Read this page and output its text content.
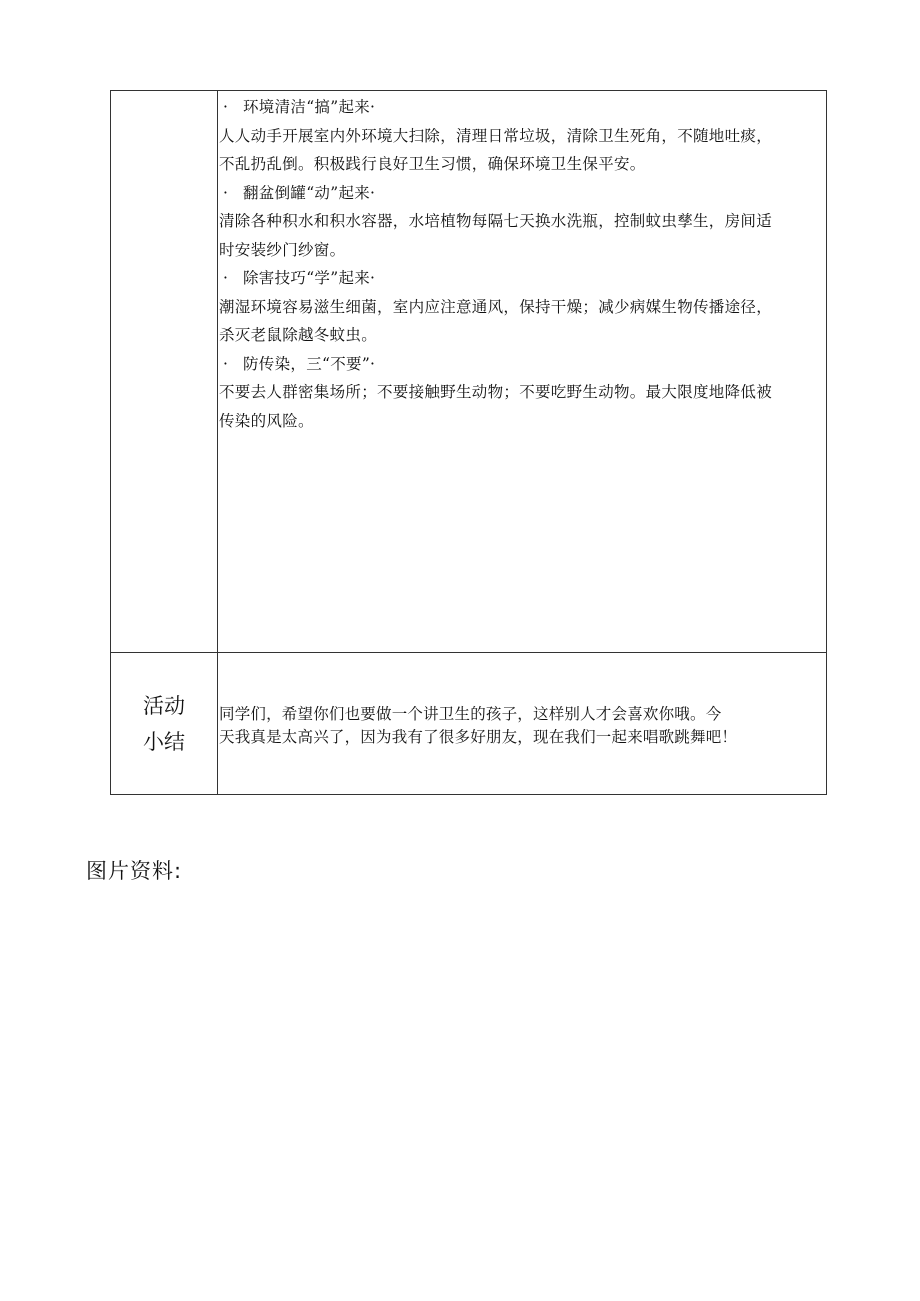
· 环境清洁“搞”起来·

人人动手开展室内外环境大扫除，清理日常垃圾，清除卫生死角，不随地吐痰，

不乱扔乱倒。积极践行良好卫生习惯，确保环境卫生保平安。

· 翻盆倒罐“动”起来·

清除各种积水和积水容器，水培植物每隔七天换水洗瓶，控制蚊虫孳生，房间适

时安装纱门纱窗。

· 除害技巧“学”起来·

潮湿环境容易滋生细菌，室内应注意通风，保持干燥；减少病媒生物传播途径，

杀灭老鼠除越冬蚊虫。

· 防传染，三“不要”·

不要去人群密集场所；不要接触野生动物；不要吃野生动物。最大限度地降低被

传染的风险。

活动
小结

同学们，希望你们也要做一个讲卫生的孩子，这样别人才会喜欢你哦。今

天我真是太高兴了，因为我有了很多好朋友，现在我们一起来唱歌跳舞吧！

图片资料:
